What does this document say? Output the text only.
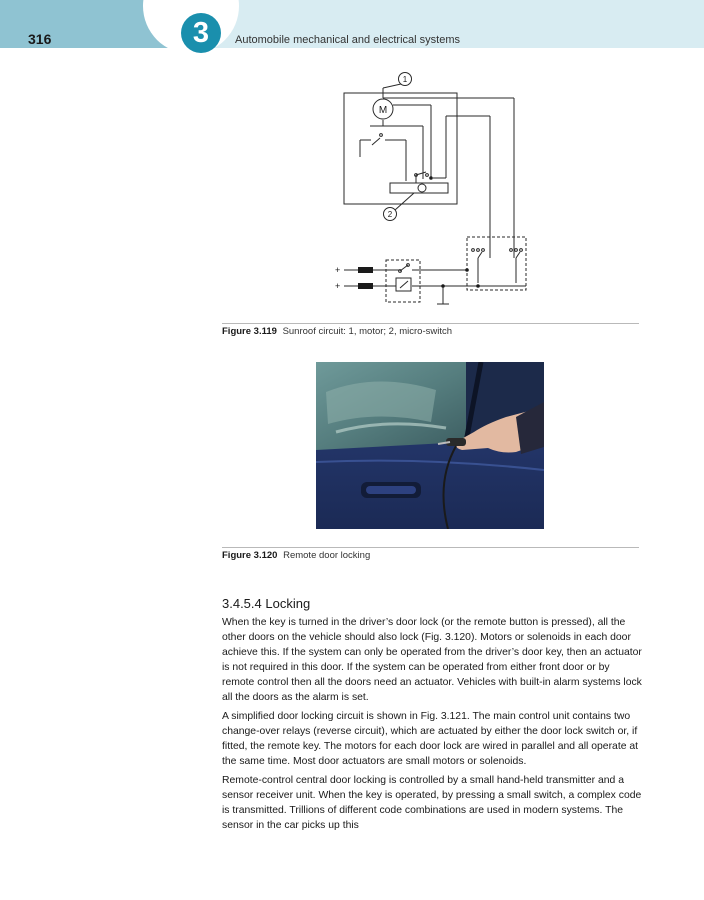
3
316	Automobile mechanical and electrical systems
M
1
2
+
+
Figure 3.119 Sunroof circuit: 1, motor; 2, micro-switch
Figure 3.120 Remote door locking
3.4.5.4 Locking

When the key is turned in the driver’s door lock (or the remote button is pressed), all the other doors on the vehicle should also lock (Fig. 3.120). Motors or solenoids in each door achieve this. If the system can only be operated from the driver’s door key, then an actuator is not required in this door. If the system can be operated from either front door or by remote control then all the doors need an actuator. Vehicles with built-in alarm systems lock all the doors as the alarm is set.

A simplified door locking circuit is shown in Fig. 3.121. The main control unit contains two change-over relays (reverse circuit), which are actuated by either the door lock switch or, if fitted, the remote key. The motors for each door lock are wired in parallel and all operate at the same time. Most door actuators are small motors or solenoids.

Remote-control central door locking is controlled by a small hand-held transmitter and a sensor receiver unit. When the key is operated, by pressing a small switch, a complex code is transmitted. Trillions of different code combinations are used in modern systems. The sensor in the car picks up this
